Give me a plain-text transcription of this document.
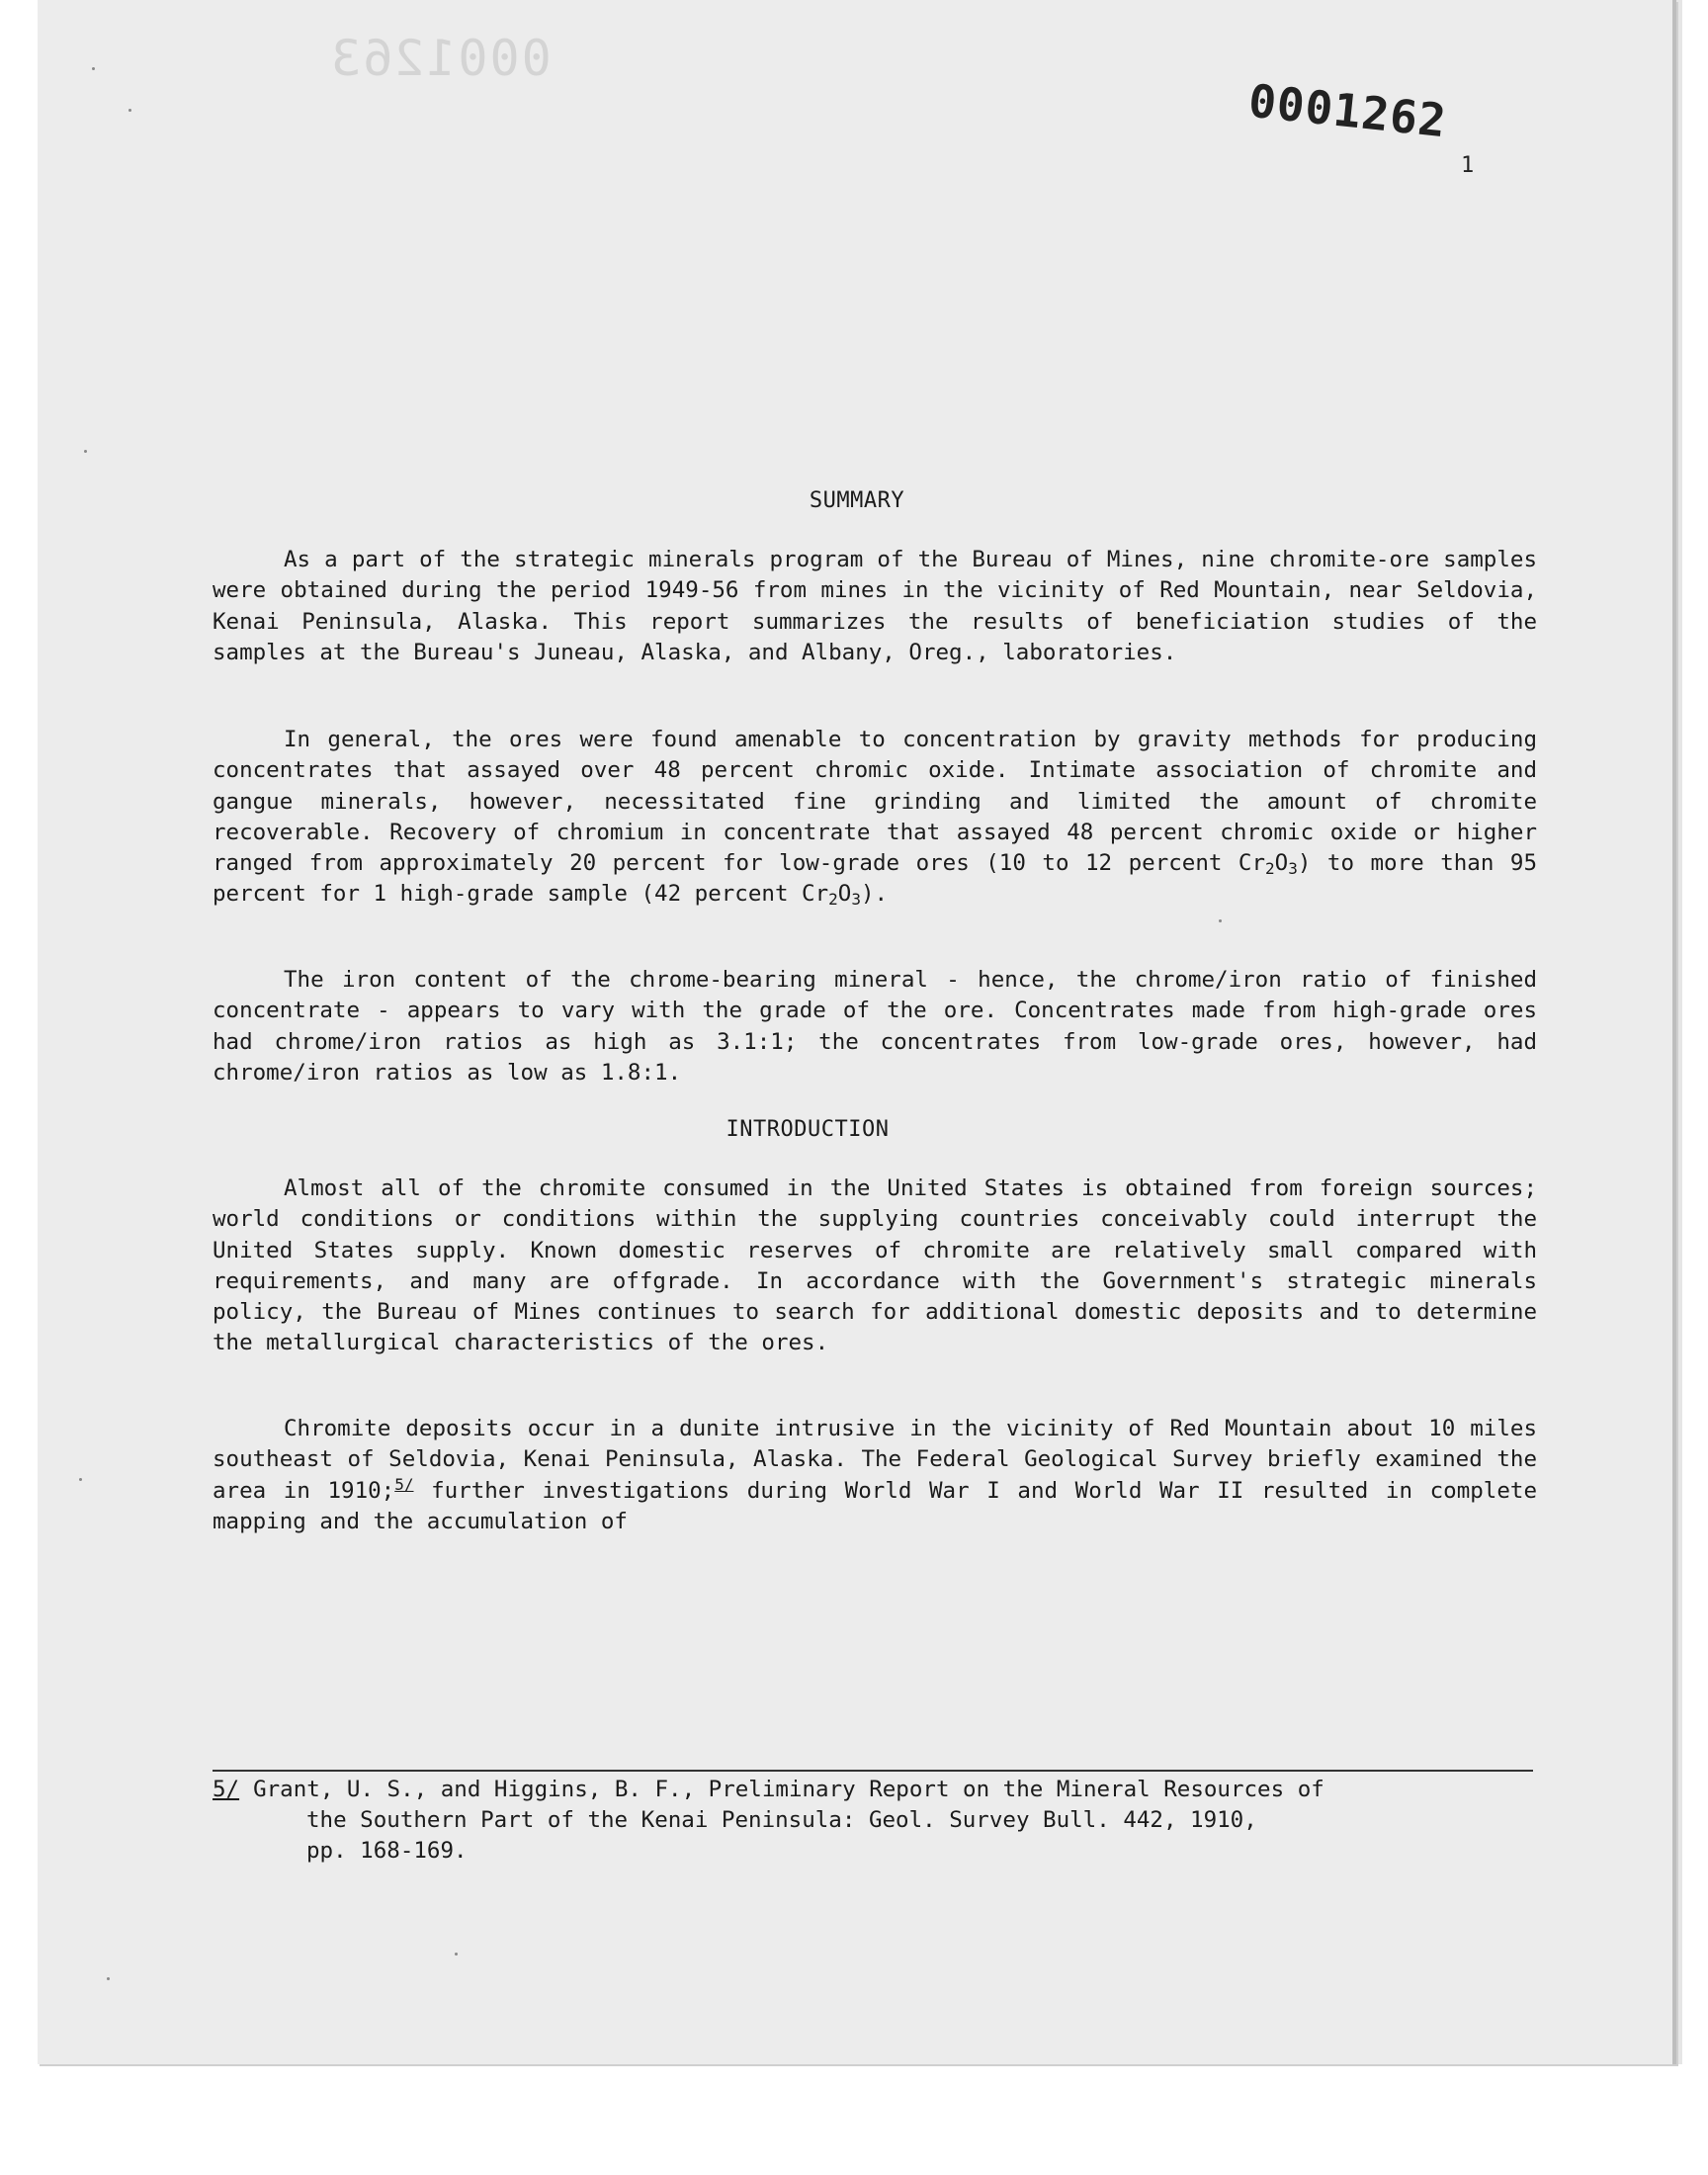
0001263
0001262
1
SUMMARY

As a part of the strategic minerals program of the Bureau of Mines, nine chromite-ore samples were obtained during the period 1949-56 from mines in the vicinity of Red Mountain, near Seldovia, Kenai Peninsula, Alaska. This report summarizes the results of beneficiation studies of the samples at the Bureau's Juneau, Alaska, and Albany, Oreg., laboratories.

In general, the ores were found amenable to concentration by gravity methods for producing concentrates that assayed over 48 percent chromic oxide. Intimate association of chromite and gangue minerals, however, necessitated fine grinding and limited the amount of chromite recoverable. Recovery of chromium in concentrate that assayed 48 percent chromic oxide or higher ranged from approximately 20 percent for low-grade ores (10 to 12 percent $Cr_2O_3$) to more than 95 percent for 1 high-grade sample (42 percent $Cr_2O_3$).

The iron content of the chrome-bearing mineral - hence, the chrome/iron ratio of finished concentrate - appears to vary with the grade of the ore. Concentrates made from high-grade ores had chrome/iron ratios as high as 3.1:1; the concentrates from low-grade ores, however, had chrome/iron ratios as low as 1.8:1.

INTRODUCTION

Almost all of the chromite consumed in the United States is obtained from foreign sources; world conditions or conditions within the supplying countries conceivably could interrupt the United States supply. Known domestic reserves of chromite are relatively small compared with requirements, and many are offgrade. In accordance with the Government's strategic minerals policy, the Bureau of Mines continues to search for additional domestic deposits and to determine the metallurgical characteristics of the ores.

Chromite deposits occur in a dunite intrusive in the vicinity of Red Mountain about 10 miles southeast of Seldovia, Kenai Peninsula, Alaska. The Federal Geological Survey briefly examined the area in 1910;$^{5/}$ further investigations during World War I and World War II resulted in complete mapping and the accumulation of

5/ Grant, U. S., and Higgins, B. F., Preliminary Report on the Mineral Resources of
the Southern Part of the Kenai Peninsula: Geol. Survey Bull. 442, 1910,
pp. 168-169.
